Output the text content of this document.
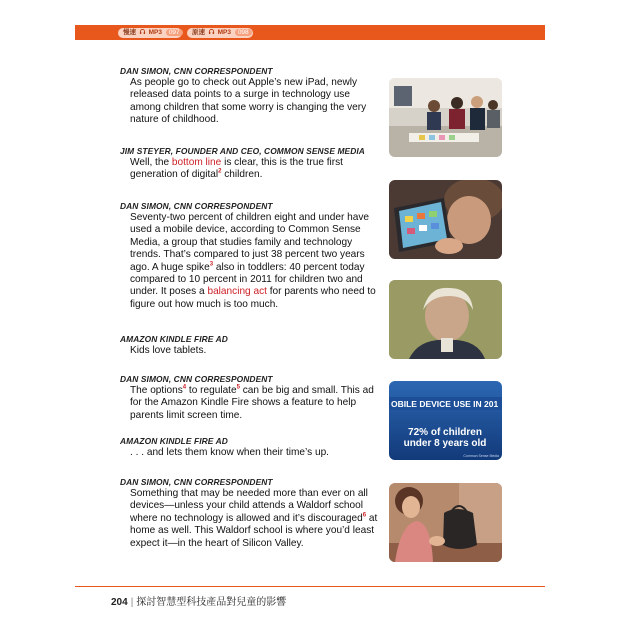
慢速 MP3 097	原速 MP3 098
DAN SIMON, CNN CORRESPONDENT
As people go to check out Apple’s new iPad, newly released data points to a surge in technology use among children that some worry is changing the very nature of childhood.
JIM STEYER, FOUNDER AND CEO, COMMON SENSE MEDIA
Well, the bottom line is clear, this is the true first generation of digital$^2$ children.
DAN SIMON, CNN CORRESPONDENT
Seventy-two percent of children eight and under have used a mobile device, according to Common Sense Media, a group that studies family and technology trends. That’s compared to just 38 percent two years ago. A huge spike$^3$ also in toddlers: 40 percent today compared to 10 percent in 2011 for children two and under. It poses a balancing act for parents who need to figure out how much is too much.
AMAZON KINDLE FIRE AD
Kids love tablets.
DAN SIMON, CNN CORRESPONDENT
The options$^4$ to regulate$^5$ can be big and small. This ad for the Amazon Kindle Fire shows a feature to help parents limit screen time.
AMAZON KINDLE FIRE AD
. . . and lets them know when their time’s up.
DAN SIMON, CNN CORRESPONDENT
Something that may be needed more than ever on all devices—unless your child attends a Waldorf school where no technology is allowed and it’s discouraged$^6$ at home as well. This Waldorf school is where you’d least expect it—in the heart of Silicon Valley.
OBILE DEVICE USE IN 201
72% of children
under 8 years old
Common Sense Media
204 | 探討智慧型科技產品對兒童的影響
